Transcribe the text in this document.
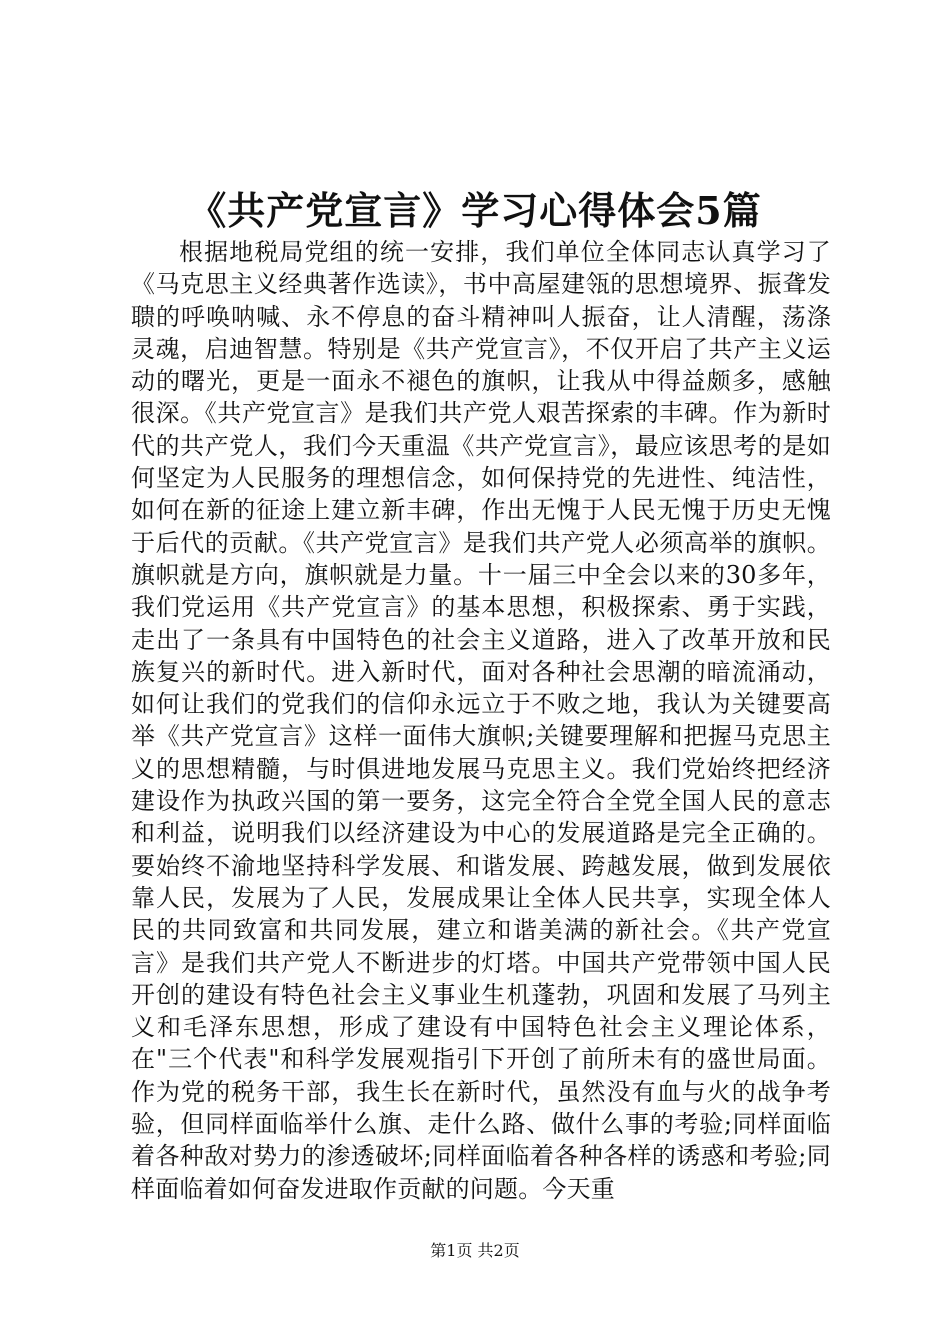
《共产党宣言》学习心得体会5篇

根据地税局党组的统一安排，我们单位全体同志认真学习了《马克思主义经典著作选读》，书中高屋建瓴的思想境界、振聋发聩的呼唤呐喊、永不停息的奋斗精神叫人振奋，让人清醒，荡涤灵魂，启迪智慧。特别是《共产党宣言》，不仅开启了共产主义运动的曙光，更是一面永不褪色的旗帜，让我从中得益颇多，感触很深。《共产党宣言》是我们共产党人艰苦探索的丰碑。作为新时代的共产党人，我们今天重温《共产党宣言》，最应该思考的是如何坚定为人民服务的理想信念，如何保持党的先进性、纯洁性，如何在新的征途上建立新丰碑，作出无愧于人民无愧于历史无愧于后代的贡献。《共产党宣言》是我们共产党人必须高举的旗帜。旗帜就是方向，旗帜就是力量。十一届三中全会以来的30多年，我们党运用《共产党宣言》的基本思想，积极探索、勇于实践，走出了一条具有中国特色的社会主义道路，进入了改革开放和民族复兴的新时代。进入新时代，面对各种社会思潮的暗流涌动，如何让我们的党我们的信仰永远立于不败之地，我认为关键要高举《共产党宣言》这样一面伟大旗帜;关键要理解和把握马克思主义的思想精髓，与时俱进地发展马克思主义。我们党始终把经济建设作为执政兴国的第一要务，这完全符合全党全国人民的意志和利益，说明我们以经济建设为中心的发展道路是完全正确的。要始终不渝地坚持科学发展、和谐发展、跨越发展，做到发展依靠人民，发展为了人民，发展成果让全体人民共享，实现全体人民的共同致富和共同发展，建立和谐美满的新社会。《共产党宣言》是我们共产党人不断进步的灯塔。中国共产党带领中国人民开创的建设有特色社会主义事业生机蓬勃，巩固和发展了马列主义和毛泽东思想，形成了建设有中国特色社会主义理论体系，在"三个代表"和科学发展观指引下开创了前所未有的盛世局面。作为党的税务干部，我生长在新时代，虽然没有血与火的战争考验，但同样面临举什么旗、走什么路、做什么事的考验;同样面临着各种敌对势力的渗透破坏;同样面临着各种各样的诱惑和考验;同样面临着如何奋发进取作贡献的问题。今天重

第1页 共2页
